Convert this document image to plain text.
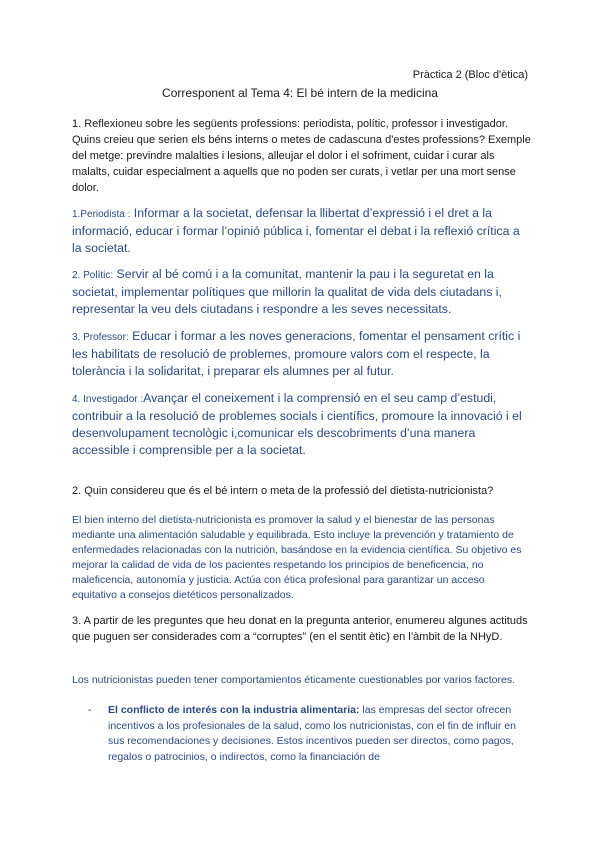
Pràctica 2 (Bloc d'ètica)

Corresponent al Tema 4: El bé intern de la medicina

1. Reflexioneu sobre les següents professions: periodista, polític, professor i investigador. Quins creieu que serien els béns interns o metes de cadascuna d'estes professions? Exemple del metge: previndre malalties i lesions, alleujar el dolor i el sofriment, cuidar i curar als malalts, cuidar especialment a aquells que no poden ser curats, i vetlar per una mort sense dolor.

1.Periodista : Informar a la societat, defensar la llibertat d’expressió i el dret a la informació, educar i formar l’opinió pública i, fomentar el debat i la reflexió crítica a la societat.

2. Polític: Servir al bé comú i a la comunitat, mantenir la pau i la seguretat en la societat, implementar polítiques que millorin la qualitat de vida dels ciutadans i, representar la veu dels ciutadans i respondre a les seves necessitats.

3. Professor: Educar i formar a les noves generacions, fomentar el pensament crític i les habilitats de resolució de problemes, promoure valors com el respecte, la tolerància i la solidaritat, i preparar els alumnes per al futur.

4. Investigador :Avançar el coneixement i la comprensió en el seu camp d’estudi, contribuir a la resolució de problemes socials i científics, promoure la innovació i el desenvolupament tecnològic i,comunicar els descobriments d’una manera accessible i comprensible per a la societat.

2. Quin considereu que és el bé intern o meta de la professió del dietista-nutricionista?

El bien interno del dietista-nutricionista es promover la salud y el bienestar de las personas mediante una alimentación saludable y equilibrada. Esto incluye la prevención y tratamiento de enfermedades relacionadas con la nutrición, basándose en la evidencia científica. Su objetivo es mejorar la calidad de vida de los pacientes respetando los principios de beneficencia, no maleficencia, autonomía y justicia. Actúa con ética profesional para garantizar un acceso equitativo a consejos dietéticos personalizados.

3. A partir de les preguntes que heu donat en la pregunta anterior, enumereu algunes actituds que puguen ser considerades com a “corruptes” (en el sentit ètic) en l’àmbit de la NHyD.

Los nutricionistas pueden tener comportamientos éticamente cuestionables por varios factores.

- El conflicto de interés con la industria alimentaria: las empresas del sector ofrecen incentivos a los profesionales de la salud, como los nutricionistas, con el fin de influir en sus recomendaciones y decisiones. Estos incentivos pueden ser directos, como pagos, regalos o patrocinios, o indirectos, como la financiación de
